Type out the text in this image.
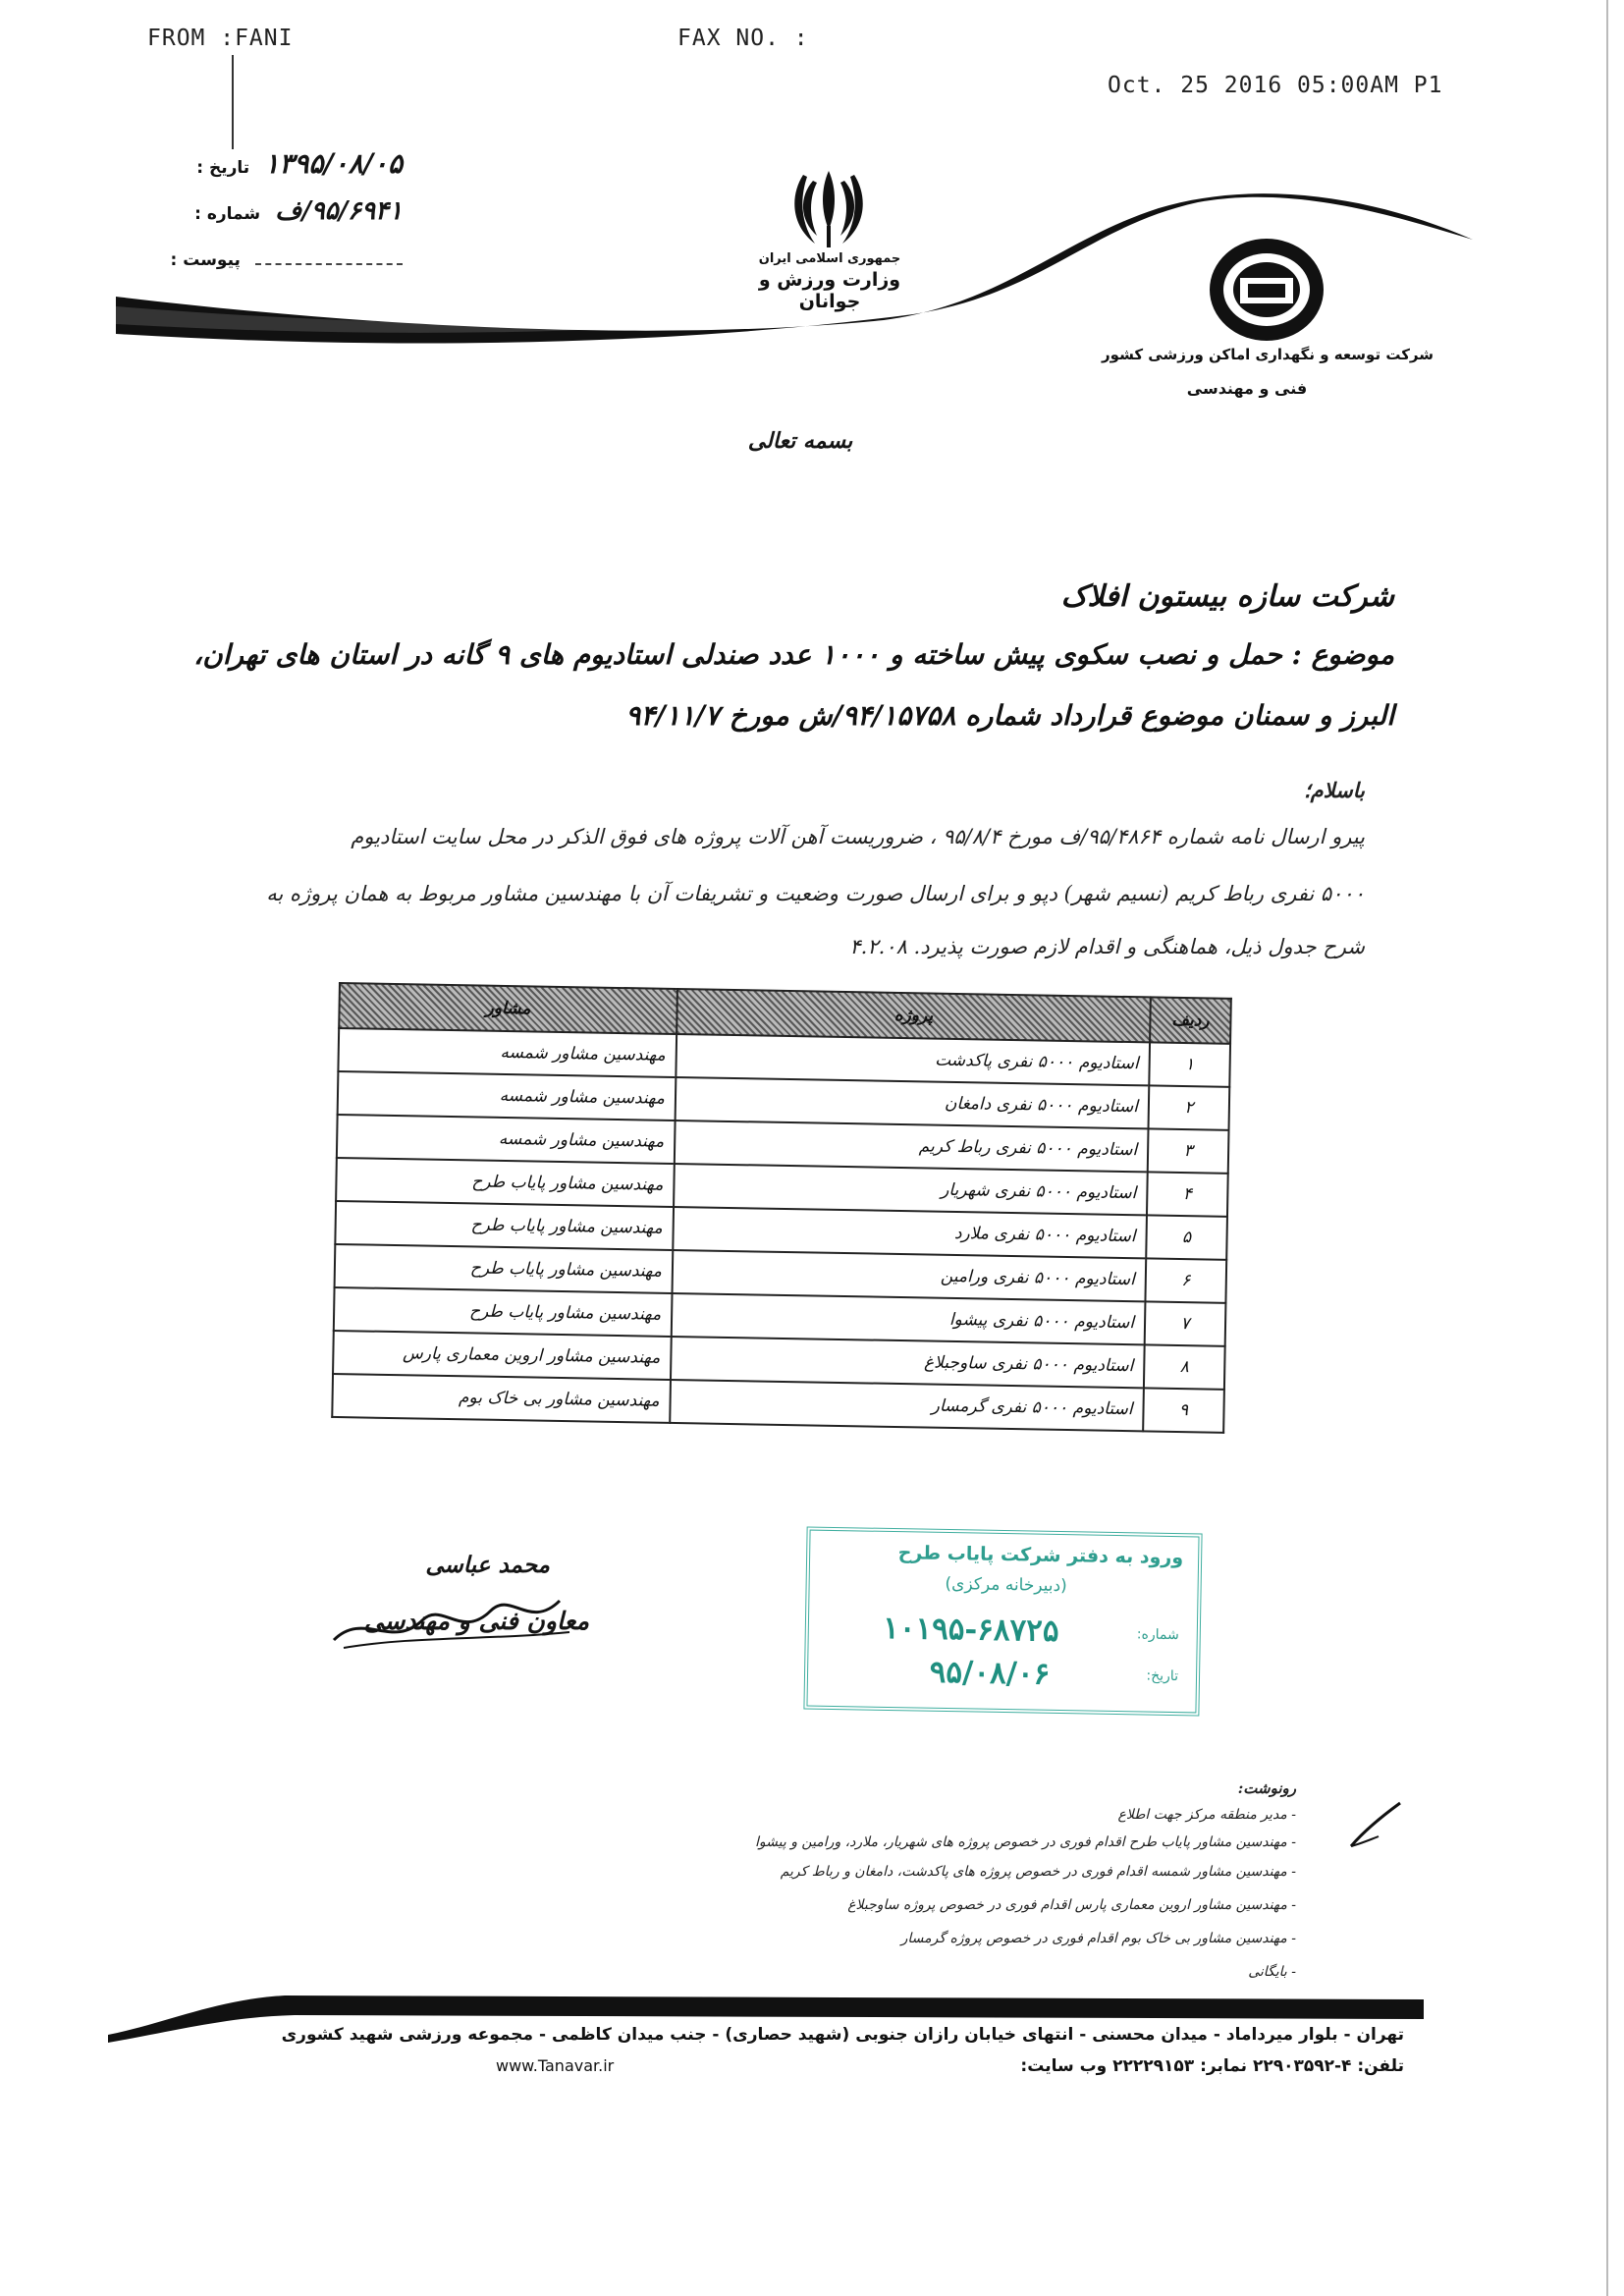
FROM :FANI	FAX NO. :
Oct. 25 2016 05:00AM P1
۱۳۹۵/۰۸/۰۵ تاریخ :
۹۵/۶۹۴۱/ف شماره :
پیوست :	جمهوری اسلامی ایران
وزارت ورزش و جوانان
شرکت توسعه و نگهداری اماکن ورزشی کشور
فنی و مهندسی
بسمه تعالی
شرکت سازه بیستون افلاک
موضوع : حمل و نصب سکوی پیش ساخته و ۱۰۰۰ عدد صندلی استادیوم های ۹ گانه در استان های تهران،
البرز و سمنان موضوع قرارداد شماره ۹۴/۱۵۷۵۸/ش مورخ ۹۴/۱۱/۷
باسلام؛
پیرو ارسال نامه شماره ۹۵/۴۸۶۴/ف مورخ ۹۵/۸/۴ ، ضروریست آهن آلات پروژه های فوق الذکر در محل سایت استادیوم
۵۰۰۰ نفری رباط کریم (نسیم شهر) دپو و برای ارسال صورت وضعیت و تشریفات آن با مهندسین مشاور مربوط به همان پروژه به
شرح جدول ذیل، هماهنگی و اقدام لازم صورت پذیرد. ۴.۲.۰۸
ردیف	پروژه	مشاور
۱	استادیوم ۵۰۰۰ نفری پاکدشت	مهندسین مشاور شمسه
۲	استادیوم ۵۰۰۰ نفری دامغان	مهندسین مشاور شمسه
۳	استادیوم ۵۰۰۰ نفری رباط کریم	مهندسین مشاور شمسه
۴	استادیوم ۵۰۰۰ نفری شهریار	مهندسین مشاور پایاب طرح
۵	استادیوم ۵۰۰۰ نفری ملارد	مهندسین مشاور پایاب طرح
۶	استادیوم ۵۰۰۰ نفری ورامین	مهندسین مشاور پایاب طرح
۷	استادیوم ۵۰۰۰ نفری پیشوا	مهندسین مشاور پایاب طرح
۸	استادیوم ۵۰۰۰ نفری ساوجبلاغ	مهندسین مشاور اروین معماری پارس
۹	استادیوم ۵۰۰۰ نفری گرمسار	مهندسین مشاور بی خاک بوم
محمد عباسی
معاون فنی و مهندسی
ورود به دفتر شرکت پایاب طرح
(دبیرخانه مرکزی)
شماره:
۱۰۱۹۵-۶۸۷۲۵
تاریخ:
۹۵/۰۸/۰۶
رونوشت:
- مدیر منطقه مرکز جهت اطلاع
- مهندسین مشاور پایاب طرح اقدام فوری در خصوص پروژه های شهریار، ملارد، ورامین و پیشوا
- مهندسین مشاور شمسه اقدام فوری در خصوص پروژه های پاکدشت، دامغان و رباط کریم
- مهندسین مشاور اروین معماری پارس اقدام فوری در خصوص پروژه ساوجبلاغ
- مهندسین مشاور بی خاک بوم اقدام فوری در خصوص پروژه گرمسار
- بایگانی
تهران - بلوار میرداماد - میدان محسنی - انتهای خیابان رازان جنوبی (شهید حصاری) - جنب میدان کاظمی - مجموعه ورزشی شهید کشوری
تلفن: ۴-۲۲۹۰۳۵۹۲ نمابر: ۲۲۲۲۹۱۵۳ وب سایت:
www.Tanavar.ir
